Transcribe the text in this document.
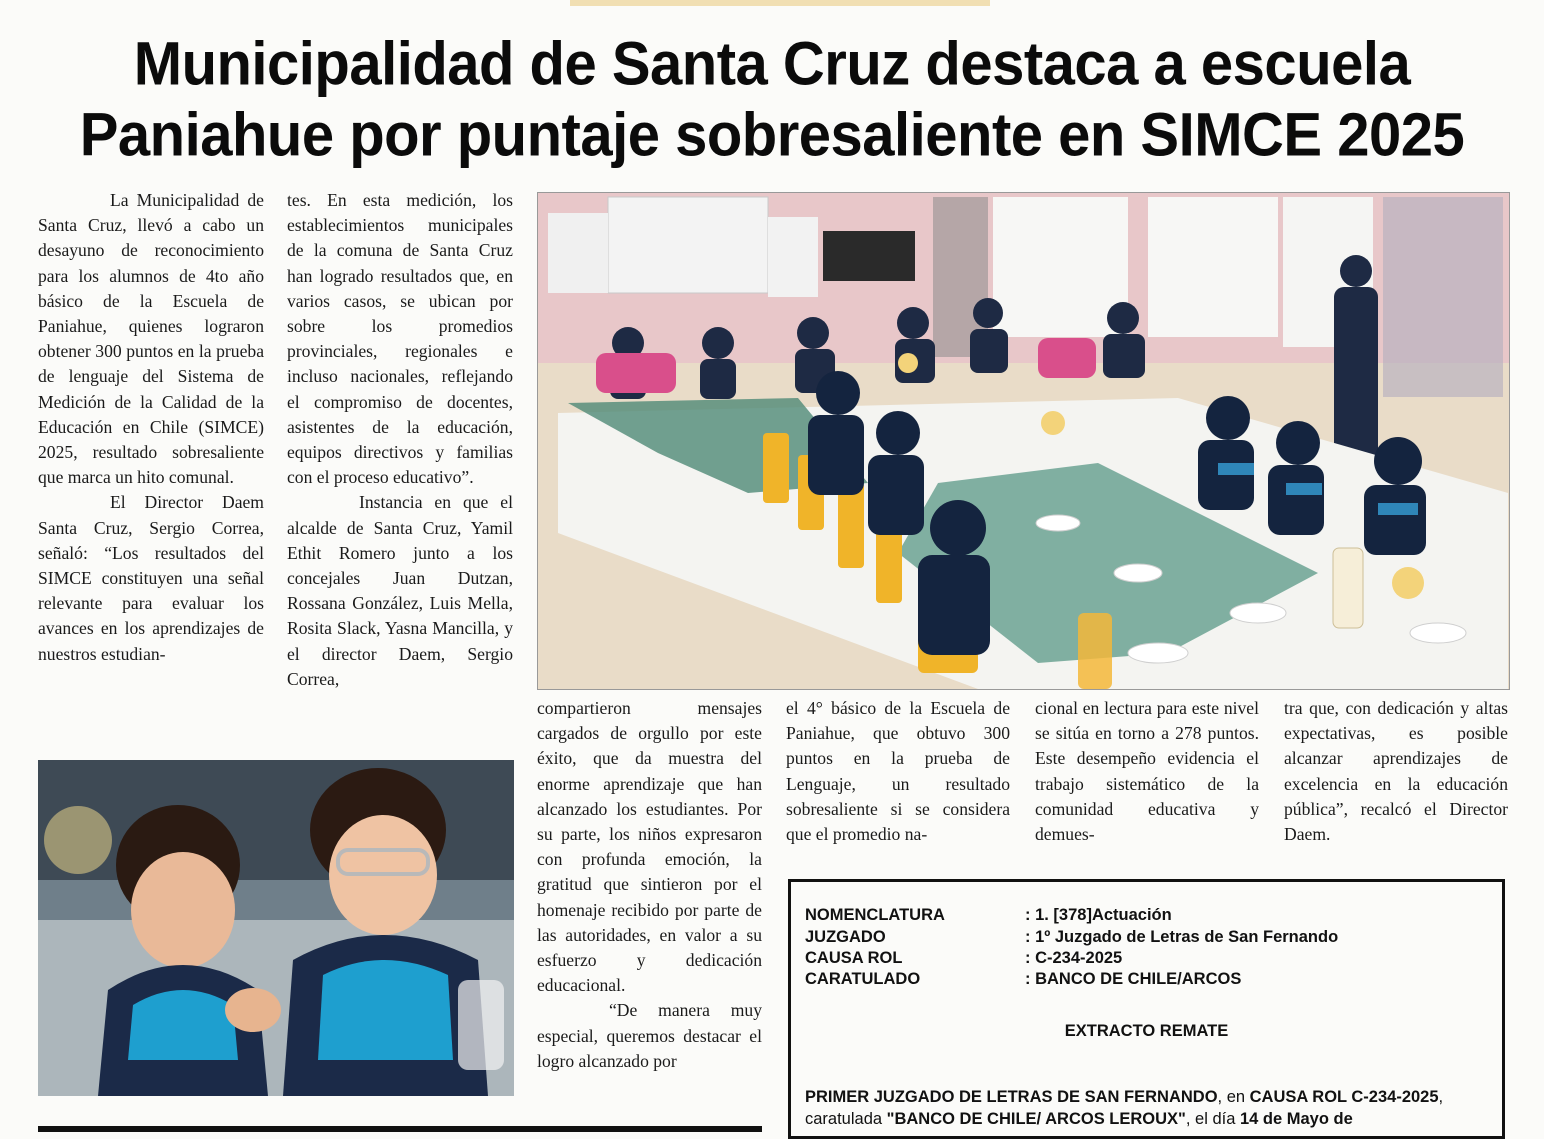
Municipalidad de Santa Cruz destaca a escuela
Paniahue por puntaje sobresaliente en SIMCE 2025

La Municipalidad de Santa Cruz, llevó a cabo un desayuno de reconocimiento para los alumnos de 4to año básico de la Escuela de Paniahue, quienes lograron obtener 300 puntos en la prueba de lenguaje del Sistema de Medición de la Calidad de la Educación en Chile (SIMCE) 2025, resultado sobresaliente que marca un hito comunal.

El Director Daem Santa Cruz, Sergio Correa, señaló: “Los resultados del SIMCE constituyen una señal relevante para evaluar los avances en los aprendizajes de nuestros estudian-

tes. En esta medición, los establecimientos municipales de la comuna de Santa Cruz han logrado resultados que, en varios casos, se ubican por sobre los promedios provinciales, regionales e incluso nacionales, reflejando el compromiso de docentes, asistentes de la educación, equipos directivos y familias con el proceso educativo”.

Instancia en que el alcalde de Santa Cruz, Yamil Ethit Romero junto a los concejales Juan Dutzan, Rossana González, Luis Mella, Rosita Slack, Yasna Mancilla, y el director Daem, Sergio Correa,

compartieron mensajes cargados de orgullo por este éxito, que da muestra del enorme aprendizaje que han alcanzado los estudiantes. Por su parte, los niños expresaron con profunda emoción, la gratitud que sintieron por el homenaje recibido por parte de las autoridades, en valor a su esfuerzo y dedicación educacional.

“De manera muy especial, queremos destacar el logro alcanzado por

el 4° básico de la Escuela de Paniahue, que obtuvo 300 puntos en la prueba de Lenguaje, un resultado sobresaliente si se considera que el promedio na-

cional en lectura para este nivel se sitúa en torno a 278 puntos. Este desempeño evidencia el trabajo sistemático de la comunidad educativa y demues-

tra que, con dedicación y altas expectativas, es posible alcanzar aprendizajes de excelencia en la educación pública”, recalcó el Director Daem.

NOMENCLATURA	: 1. [378]Actuación
JUZGADO	: 1º Juzgado de Letras de San Fernando
CAUSA ROL	: C-234-2025
CARATULADO	: BANCO DE CHILE/ARCOS
EXTRACTO REMATE
PRIMER JUZGADO DE LETRAS DE SAN FERNANDO, en CAUSA ROL C-234-2025, caratulada "BANCO DE CHILE/ ARCOS LEROUX", el día 14 de Mayo de
